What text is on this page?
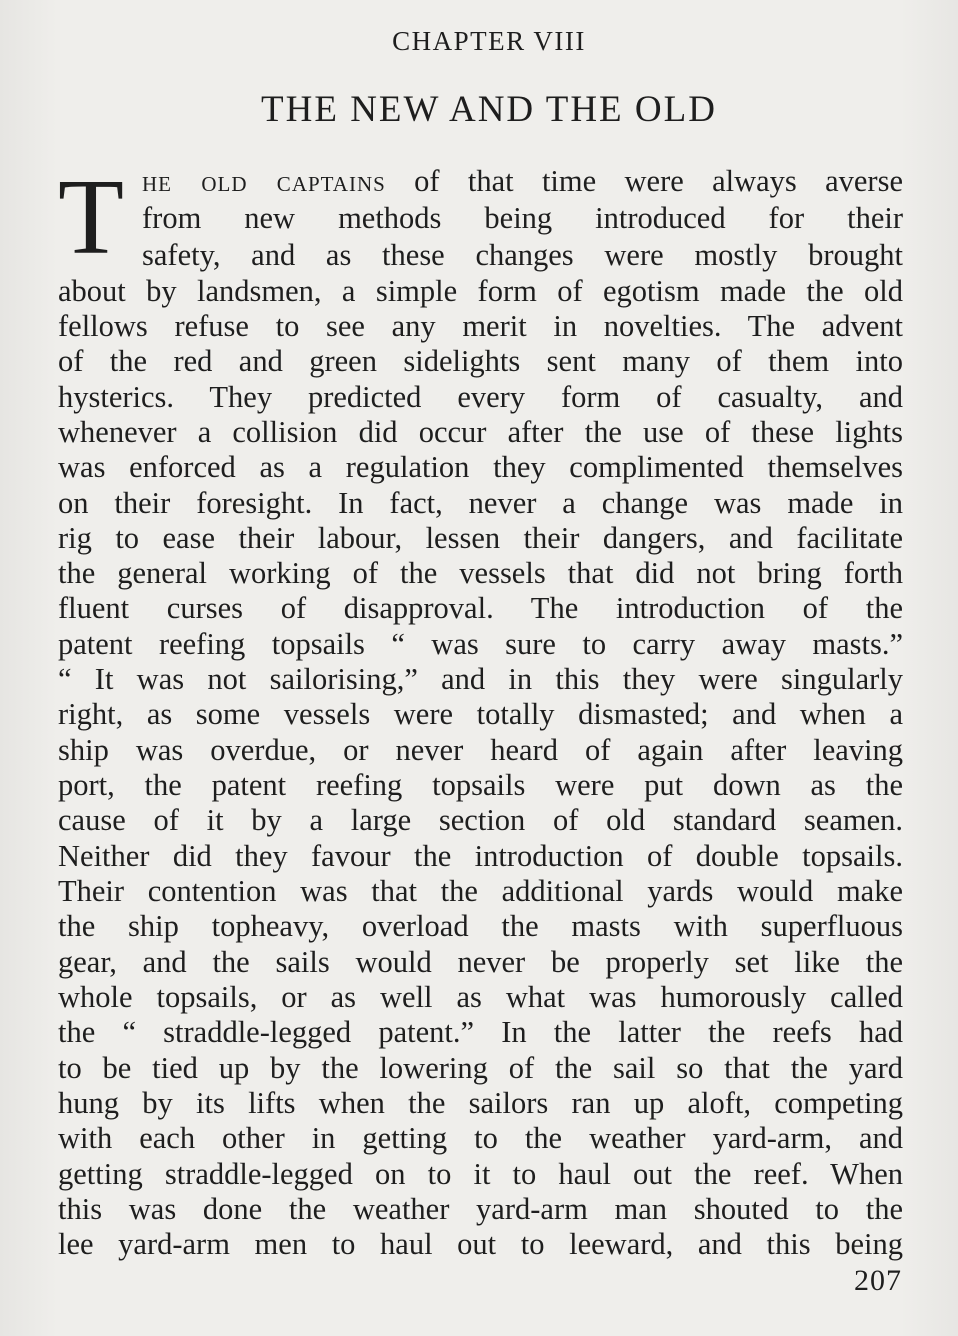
CHAPTER VIII
THE NEW AND THE OLD
T he old captains of that time were always averse
from new methods being introduced for their
safety, and as these changes were mostly brought
about by landsmen, a simple form of egotism made the old
fellows refuse to see any merit in novelties. The advent
of the red and green sidelights sent many of them into
hysterics. They predicted every form of casualty, and
whenever a collision did occur after the use of these lights
was enforced as a regulation they complimented themselves
on their foresight. In fact, never a change was made in
rig to ease their labour, lessen their dangers, and facilitate
the general working of the vessels that did not bring forth
fluent curses of disapproval. The introduction of the
patent reefing topsails “ was sure to carry away masts.”
“ It was not sailorising,” and in this they were singularly
right, as some vessels were totally dismasted; and when a
ship was overdue, or never heard of again after leaving
port, the patent reefing topsails were put down as the
cause of it by a large section of old standard seamen.
Neither did they favour the introduction of double topsails.
Their contention was that the additional yards would make
the ship topheavy, overload the masts with superfluous
gear, and the sails would never be properly set like the
whole topsails, or as well as what was humorously called
the “ straddle-legged patent.” In the latter the reefs had
to be tied up by the lowering of the sail so that the yard
hung by its lifts when the sailors ran up aloft, competing
with each other in getting to the weather yard-arm, and
getting straddle-legged on to it to haul out the reef. When
this was done the weather yard-arm man shouted to the
lee yard-arm men to haul out to leeward, and this being
207
